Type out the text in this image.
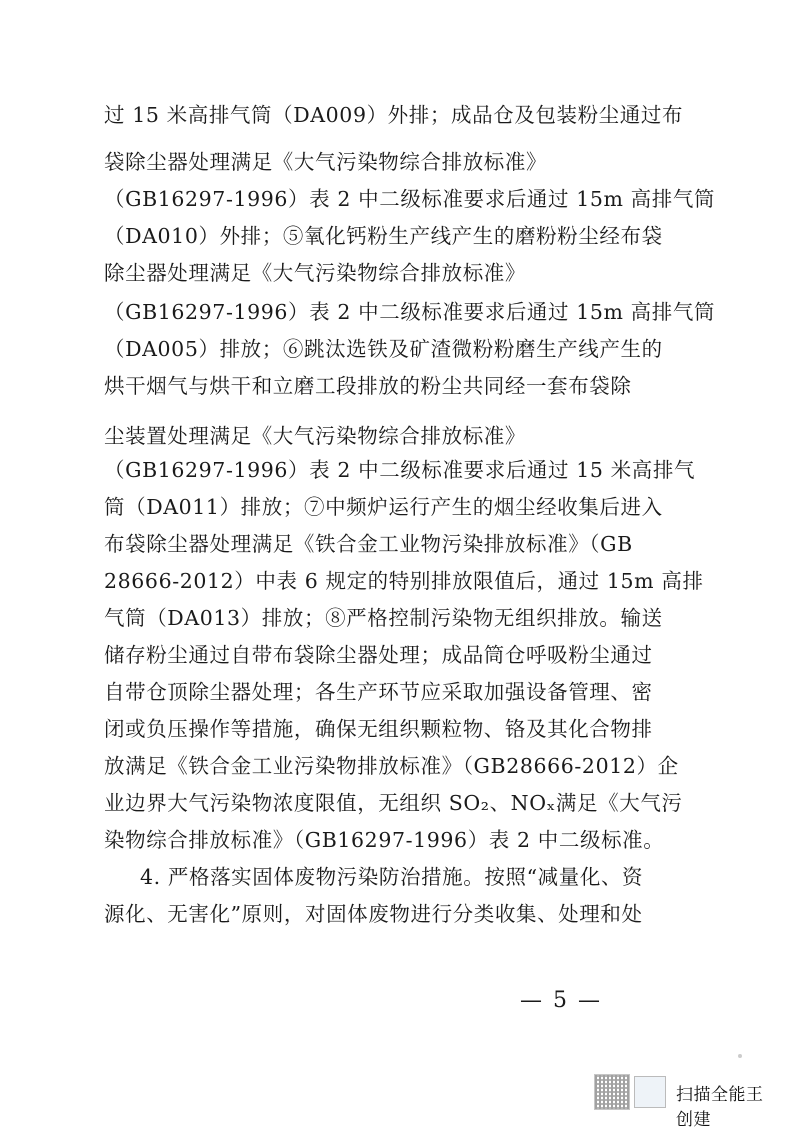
过 15 米高排气筒（DA009）外排；成品仓及包装粉尘通过布
袋除尘器处理满足《大气污染物综合排放标准》
（GB16297-1996）表 2 中二级标准要求后通过 15m 高排气筒
（DA010）外排；⑤氧化钙粉生产线产生的磨粉粉尘经布袋
除尘器处理满足《大气污染物综合排放标准》
（GB16297-1996）表 2 中二级标准要求后通过 15m 高排气筒
（DA005）排放；⑥跳汰选铁及矿渣微粉粉磨生产线产生的
烘干烟气与烘干和立磨工段排放的粉尘共同经一套布袋除
尘装置处理满足《大气污染物综合排放标准》
（GB16297-1996）表 2 中二级标准要求后通过 15 米高排气
筒（DA011）排放；⑦中频炉运行产生的烟尘经收集后进入
布袋除尘器处理满足《铁合金工业物污染排放标准》（GB
28666-2012）中表 6 规定的特别排放限值后，通过 15m 高排
气筒（DA013）排放；⑧严格控制污染物无组织排放。输送
储存粉尘通过自带布袋除尘器处理；成品筒仓呼吸粉尘通过
自带仓顶除尘器处理；各生产环节应采取加强设备管理、密
闭或负压操作等措施，确保无组织颗粒物、铬及其化合物排
放满足《铁合金工业污染物排放标准》（GB28666-2012）企
业边界大气污染物浓度限值，无组织 SO₂、NOₓ满足《大气污
染物综合排放标准》（GB16297-1996）表 2 中二级标准。
4. 严格落实固体废物污染防治措施。按照“减量化、资
源化、无害化”原则，对固体废物进行分类收集、处理和处
— 5 —
扫描全能王 创建
